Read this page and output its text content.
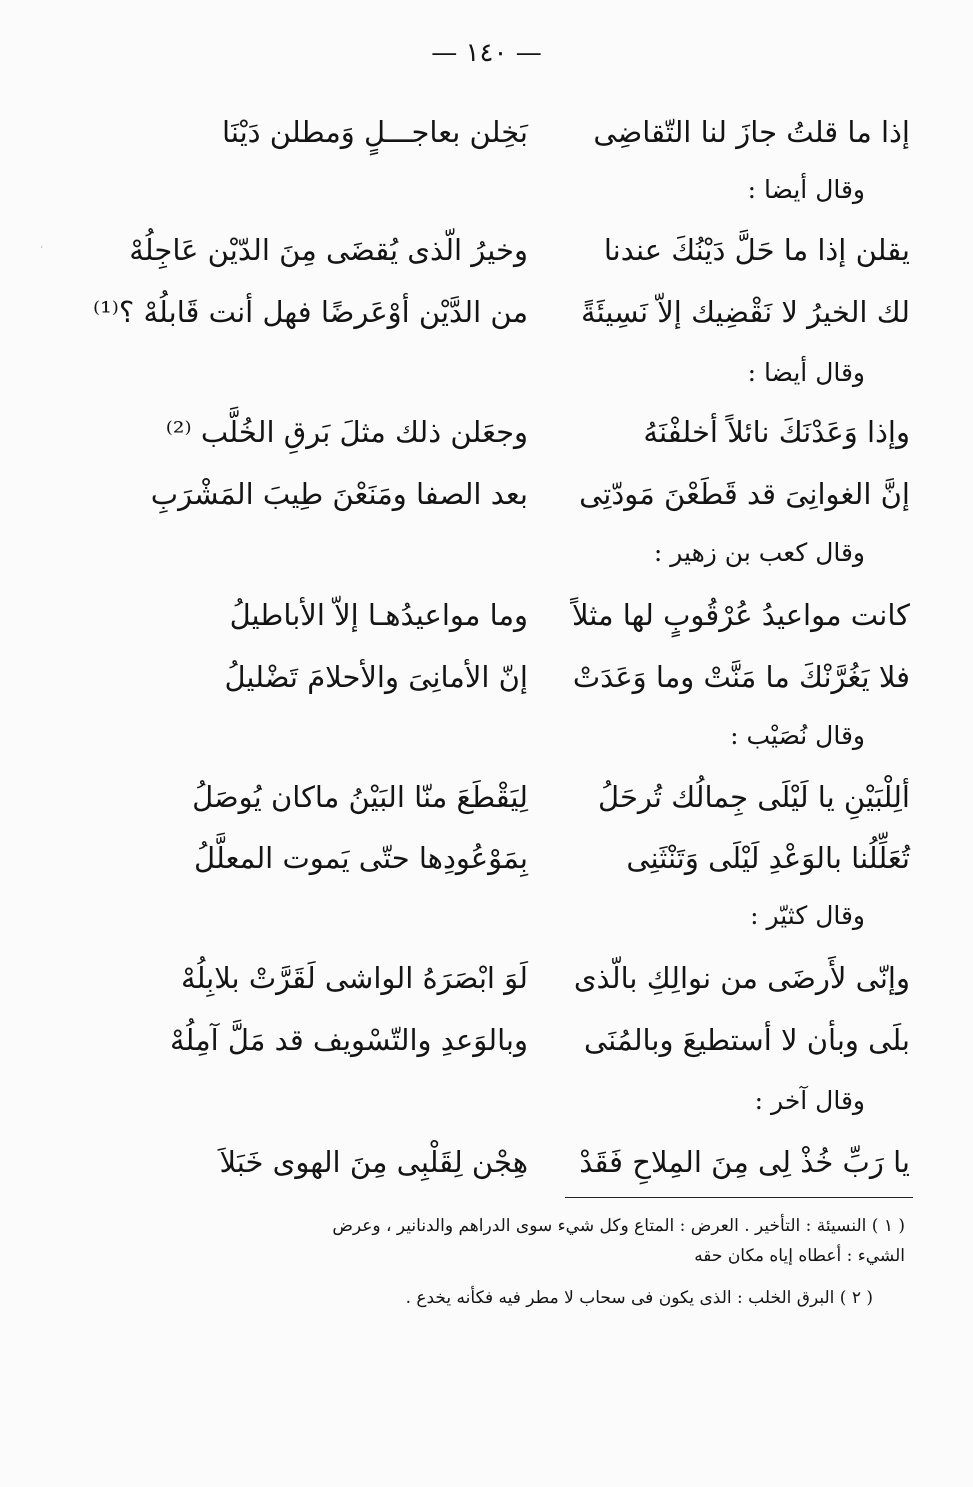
— ١٤٠ —
إذا ما قلتُ جازَ لنا التّقاضِى
بَخِلن بعاجـــلٍ وَمطلن دَيْنَا
وقال أيضا :
يقلن إذا ما حَلَّ دَيْنُكَ عندنا
وخيرُ الّذى يُقضَى مِنَ الدّيْن عَاجِلُهْ
لك الخيرُ لا نَقْضِيك إلاّ نَسِيئَةً
من الدَّيْن أوْعَرضًا فهل أنت قَابلُهْ ؟⁽¹⁾
وقال أيضا :
وإذا وَعَدْنَكَ نائلاً أخلفْنَهُ
وجعَلن ذلك مثلَ بَرقِ الخُلَّب ⁽²⁾
إنَّ الغوانِىَ قد قَطَعْنَ مَودّتِى
بعد الصفا ومَنَعْنَ طِيبَ المَشْرَبِ
وقال كعب بن زهير :
كانت مواعيدُ عُرْقُوبٍ لها مثلاً
وما مواعيدُهـا إلاّ الأباطيلُ
فلا يَغُرَّنْكَ ما مَنَّتْ وما وَعَدَتْ
إنّ الأمانِىَ والأحلامَ تَضْليلُ
وقال نُصَيْب :
ألِلْبَيْنِ يا لَيْلَى جِمالُك تُرحَلُ
لِيَقْطَعَ منّا البَيْنُ ماكان يُوصَلُ
تُعَلِّلُنا بالوَعْدِ لَيْلَى وَتَنْثَنِى
بِمَوْعُودِها حتّى يَموت المعلَّلُ
وقال كثيّر :
وإنّى لأَرضَى من نوالِكِ بالّذى
لَوَ ابْصَرَهُ الواشى لَقَرَّتْ بلابِلُهْ
بلَى وبأن لا أستطيعَ وبالمُنَى
وبالوَعدِ والتّسْويف قد مَلَّ آمِلُهْ
وقال آخر :
يا رَبِّ خُذْ لِى مِنَ المِلاحِ فَقَدْ
هِجْن لِقَلْبِى مِنَ الهوى خَبَلاَ
( ١ ) النسيئة : التأخير . العرض : المتاع وكل شيء سوى الدراهم والدنانير ، وعرض
الشيء : أعطاه إياه مكان حقه
( ٢ ) البرق الخلب : الذى يكون فى سحاب لا مطر فيه فكأنه يخدع .
،
